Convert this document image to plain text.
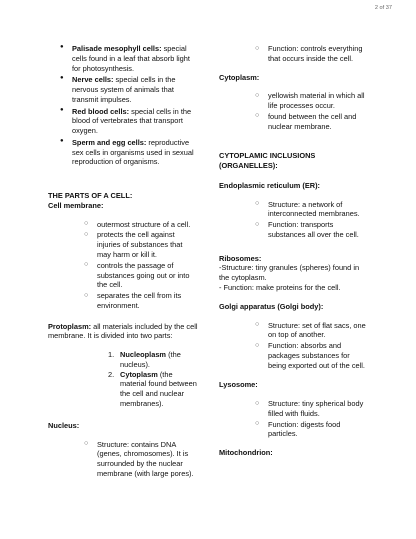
2 of 37
● Palisade mesophyll cells: special cells found in a leaf that absorb light for photosynthesis.
● Nerve cells: special cells in the nervous system of animals that transmit impulses.
● Red blood cells: special cells in the blood of vertebrates that transport oxygen.
● Sperm and egg cells: reproductive sex cells in organisms used in sexual reproduction of organisms.

THE PARTS OF A CELL:

Cell membrane:

○ outermost structure of a cell.
○ protects the cell against injuries of substances that may harm or kill it.
○ controls the passage of substances going out or into the cell.
○ separates the cell from its environment.

Protoplasm: all materials included by the cell membrane. It is divided into two parts:

1. Nucleoplasm (the nucleus).
2. Cytoplasm (the material found between the cell and nuclear membranes).

Nucleus:

○ Structure: contains DNA (genes, chromosomes). It is surrounded by the nuclear membrane (with large pores).
○ Function: controls everything that occurs inside the cell.

Cytoplasm:

○ yellowish material in which all life processes occur.
○ found between the cell and nuclear membrane.

CYTOPLAMIC INCLUSIONS (ORGANELLES):

Endoplasmic reticulum (ER):

○ Structure: a network of interconnected membranes.
○ Function: transports substances all over the cell.

Ribosomes:

-Structure: tiny granules (spheres) found in the cytoplasm.

- Function: make proteins for the cell.

Golgi apparatus (Golgi body):

○ Structure: set of flat sacs, one on top of another.
○ Function: absorbs and packages substances for being exported out of the cell.

Lysosome:

○ Structure: tiny spherical body filled with fluids.
○ Function: digests food particles.

Mitochondrion:
